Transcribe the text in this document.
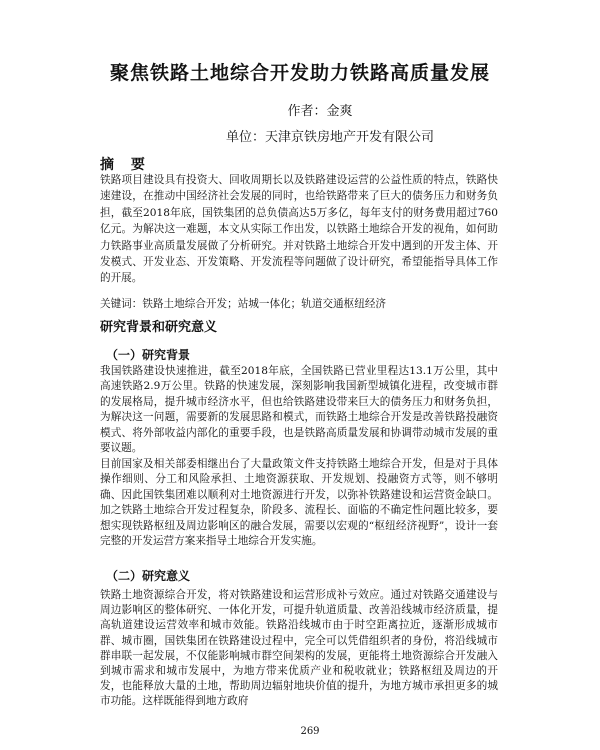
聚焦铁路土地综合开发助力铁路高质量发展
作者：金爽
单位：天津京铁房地产开发有限公司
摘 要

铁路项目建设具有投资大、回收周期长以及铁路建设运营的公益性质的特点，铁路快速建设，在推动中国经济社会发展的同时，也给铁路带来了巨大的债务压力和财务负担，截至2018年底，国铁集团的总负债高达5万多亿，每年支付的财务费用超过760亿元。为解决这一难题，本文从实际工作出发，以铁路土地综合开发的视角，如何助力铁路事业高质量发展做了分析研究。并对铁路土地综合开发中遇到的开发主体、开发模式、开发业态、开发策略、开发流程等问题做了设计研究，希望能指导具体工作的开展。

关键词：铁路土地综合开发；站城一体化；轨道交通枢纽经济

研究背景和研究意义
（一）研究背景

我国铁路建设快速推进，截至2018年底，全国铁路已营业里程达13.1万公里，其中高速铁路2.9万公里。铁路的快速发展，深刻影响我国新型城镇化进程，改变城市群的发展格局，提升城市经济水平，但也给铁路建设带来巨大的债务压力和财务负担，为解决这一问题，需要新的发展思路和模式，而铁路土地综合开发是改善铁路投融资模式、将外部收益内部化的重要手段，也是铁路高质量发展和协调带动城市发展的重要议题。

目前国家及相关部委相继出台了大量政策文件支持铁路土地综合开发，但是对于具体操作细则、分工和风险承担、土地资源获取、开发规划、投融资方式等，则不够明确、因此国铁集团难以顺利对土地资源进行开发，以弥补铁路建设和运营资金缺口。加之铁路土地综合开发过程复杂，阶段多、流程长、面临的不确定性问题比较多，要想实现铁路枢纽及周边影响区的融合发展，需要以宏观的“枢纽经济视野”，设计一套完整的开发运营方案来指导土地综合开发实施。

（二）研究意义

铁路土地资源综合开发，将对铁路建设和运营形成补亏效应。通过对铁路交通建设与周边影响区的整体研究、一体化开发，可提升轨道质量、改善沿线城市经济质量，提高轨道建设运营效率和城市效能。铁路沿线城市由于时空距离拉近，逐渐形成城市群、城市圈，国铁集团在铁路建设过程中，完全可以凭借组织者的身份，将沿线城市群串联一起发展，不仅能影响城市群空间架构的发展，更能将土地资源综合开发融入到城市需求和城市发展中，为地方带来优质产业和税收就业；铁路枢纽及周边的开发，也能释放大量的土地，帮助周边辐射地块价值的提升，为地方城市承担更多的城市功能。这样既能得到地方政府

269
